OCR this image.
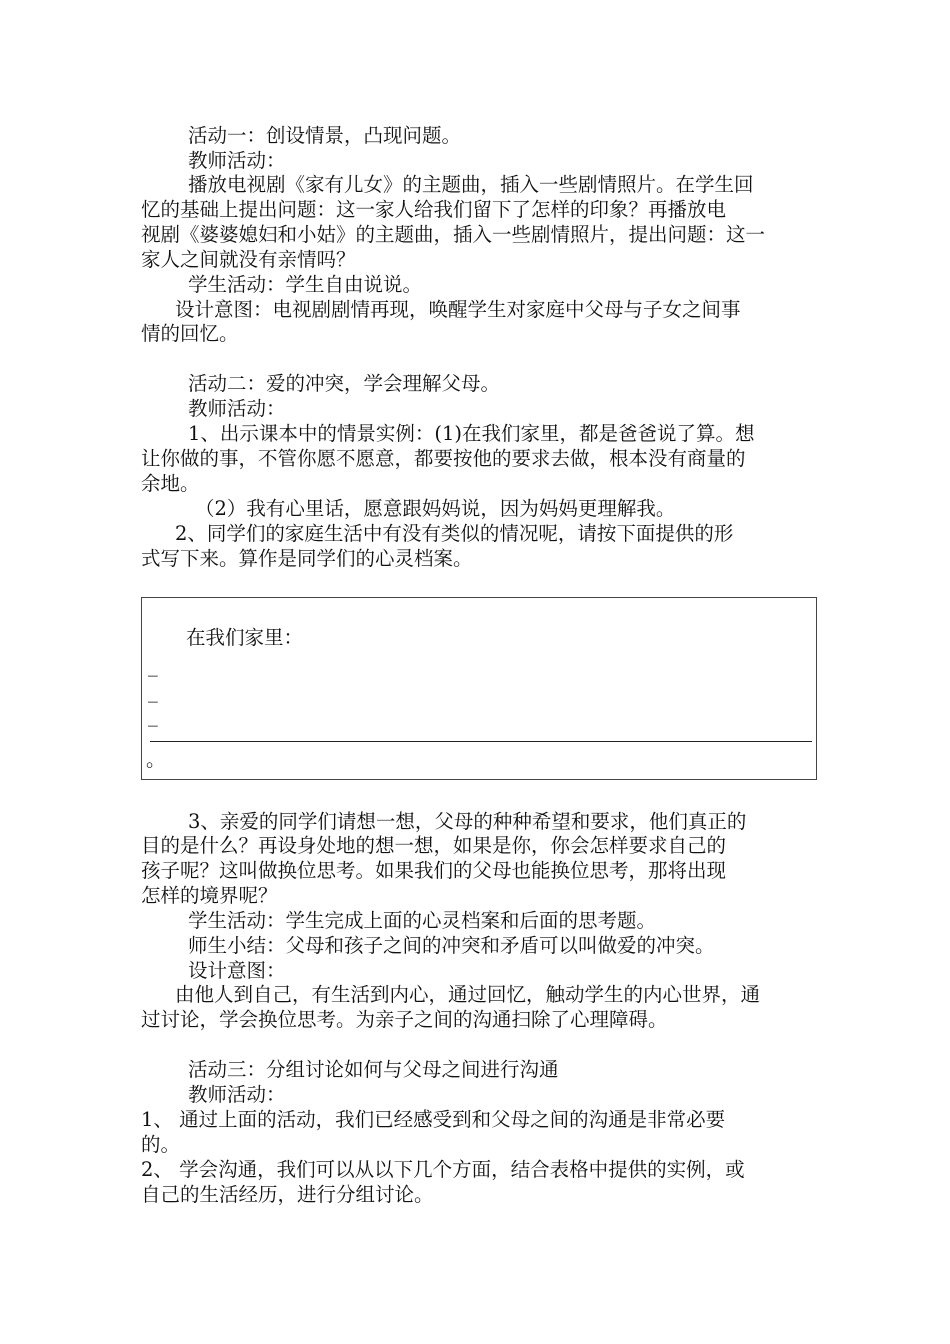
活动一：创设情景，凸现问题。
教师活动：
播放电视剧《家有儿女》的主题曲，插入一些剧情照片。在学生回
忆的基础上提出问题：这一家人给我们留下了怎样的印象？再播放电
视剧《婆婆媳妇和小姑》的主题曲，插入一些剧情照片，提出问题：这一
家人之间就没有亲情吗？
学生活动：学生自由说说。
设计意图：电视剧剧情再现，唤醒学生对家庭中父母与子女之间事
情的回忆。
活动二：爱的冲突，学会理解父母。
教师活动：
1、出示课本中的情景实例：(1)在我们家里，都是爸爸说了算。想
让你做的事，不管你愿不愿意，都要按他的要求去做，根本没有商量的
余地。
（2）我有心里话，愿意跟妈妈说，因为妈妈更理解我。
2、同学们的家庭生活中有没有类似的情况呢，请按下面提供的形
式写下来。算作是同学们的心灵档案。
在我们家里：
_
_
_
。
3、亲爱的同学们请想一想，父母的种种希望和要求，他们真正的
目的是什么？再设身处地的想一想，如果是你，你会怎样要求自己的
孩子呢？这叫做换位思考。如果我们的父母也能换位思考，那将出现
怎样的境界呢？
学生活动：学生完成上面的心灵档案和后面的思考题。
师生小结：父母和孩子之间的冲突和矛盾可以叫做爱的冲突。
设计意图：
由他人到自己，有生活到内心，通过回忆，触动学生的内心世界，通
过讨论，学会换位思考。为亲子之间的沟通扫除了心理障碍。
活动三：分组讨论如何与父母之间进行沟通
教师活动：
1、 通过上面的活动，我们已经感受到和父母之间的沟通是非常必要
的。
2、 学会沟通，我们可以从以下几个方面，结合表格中提供的实例，或
自己的生活经历，进行分组讨论。
